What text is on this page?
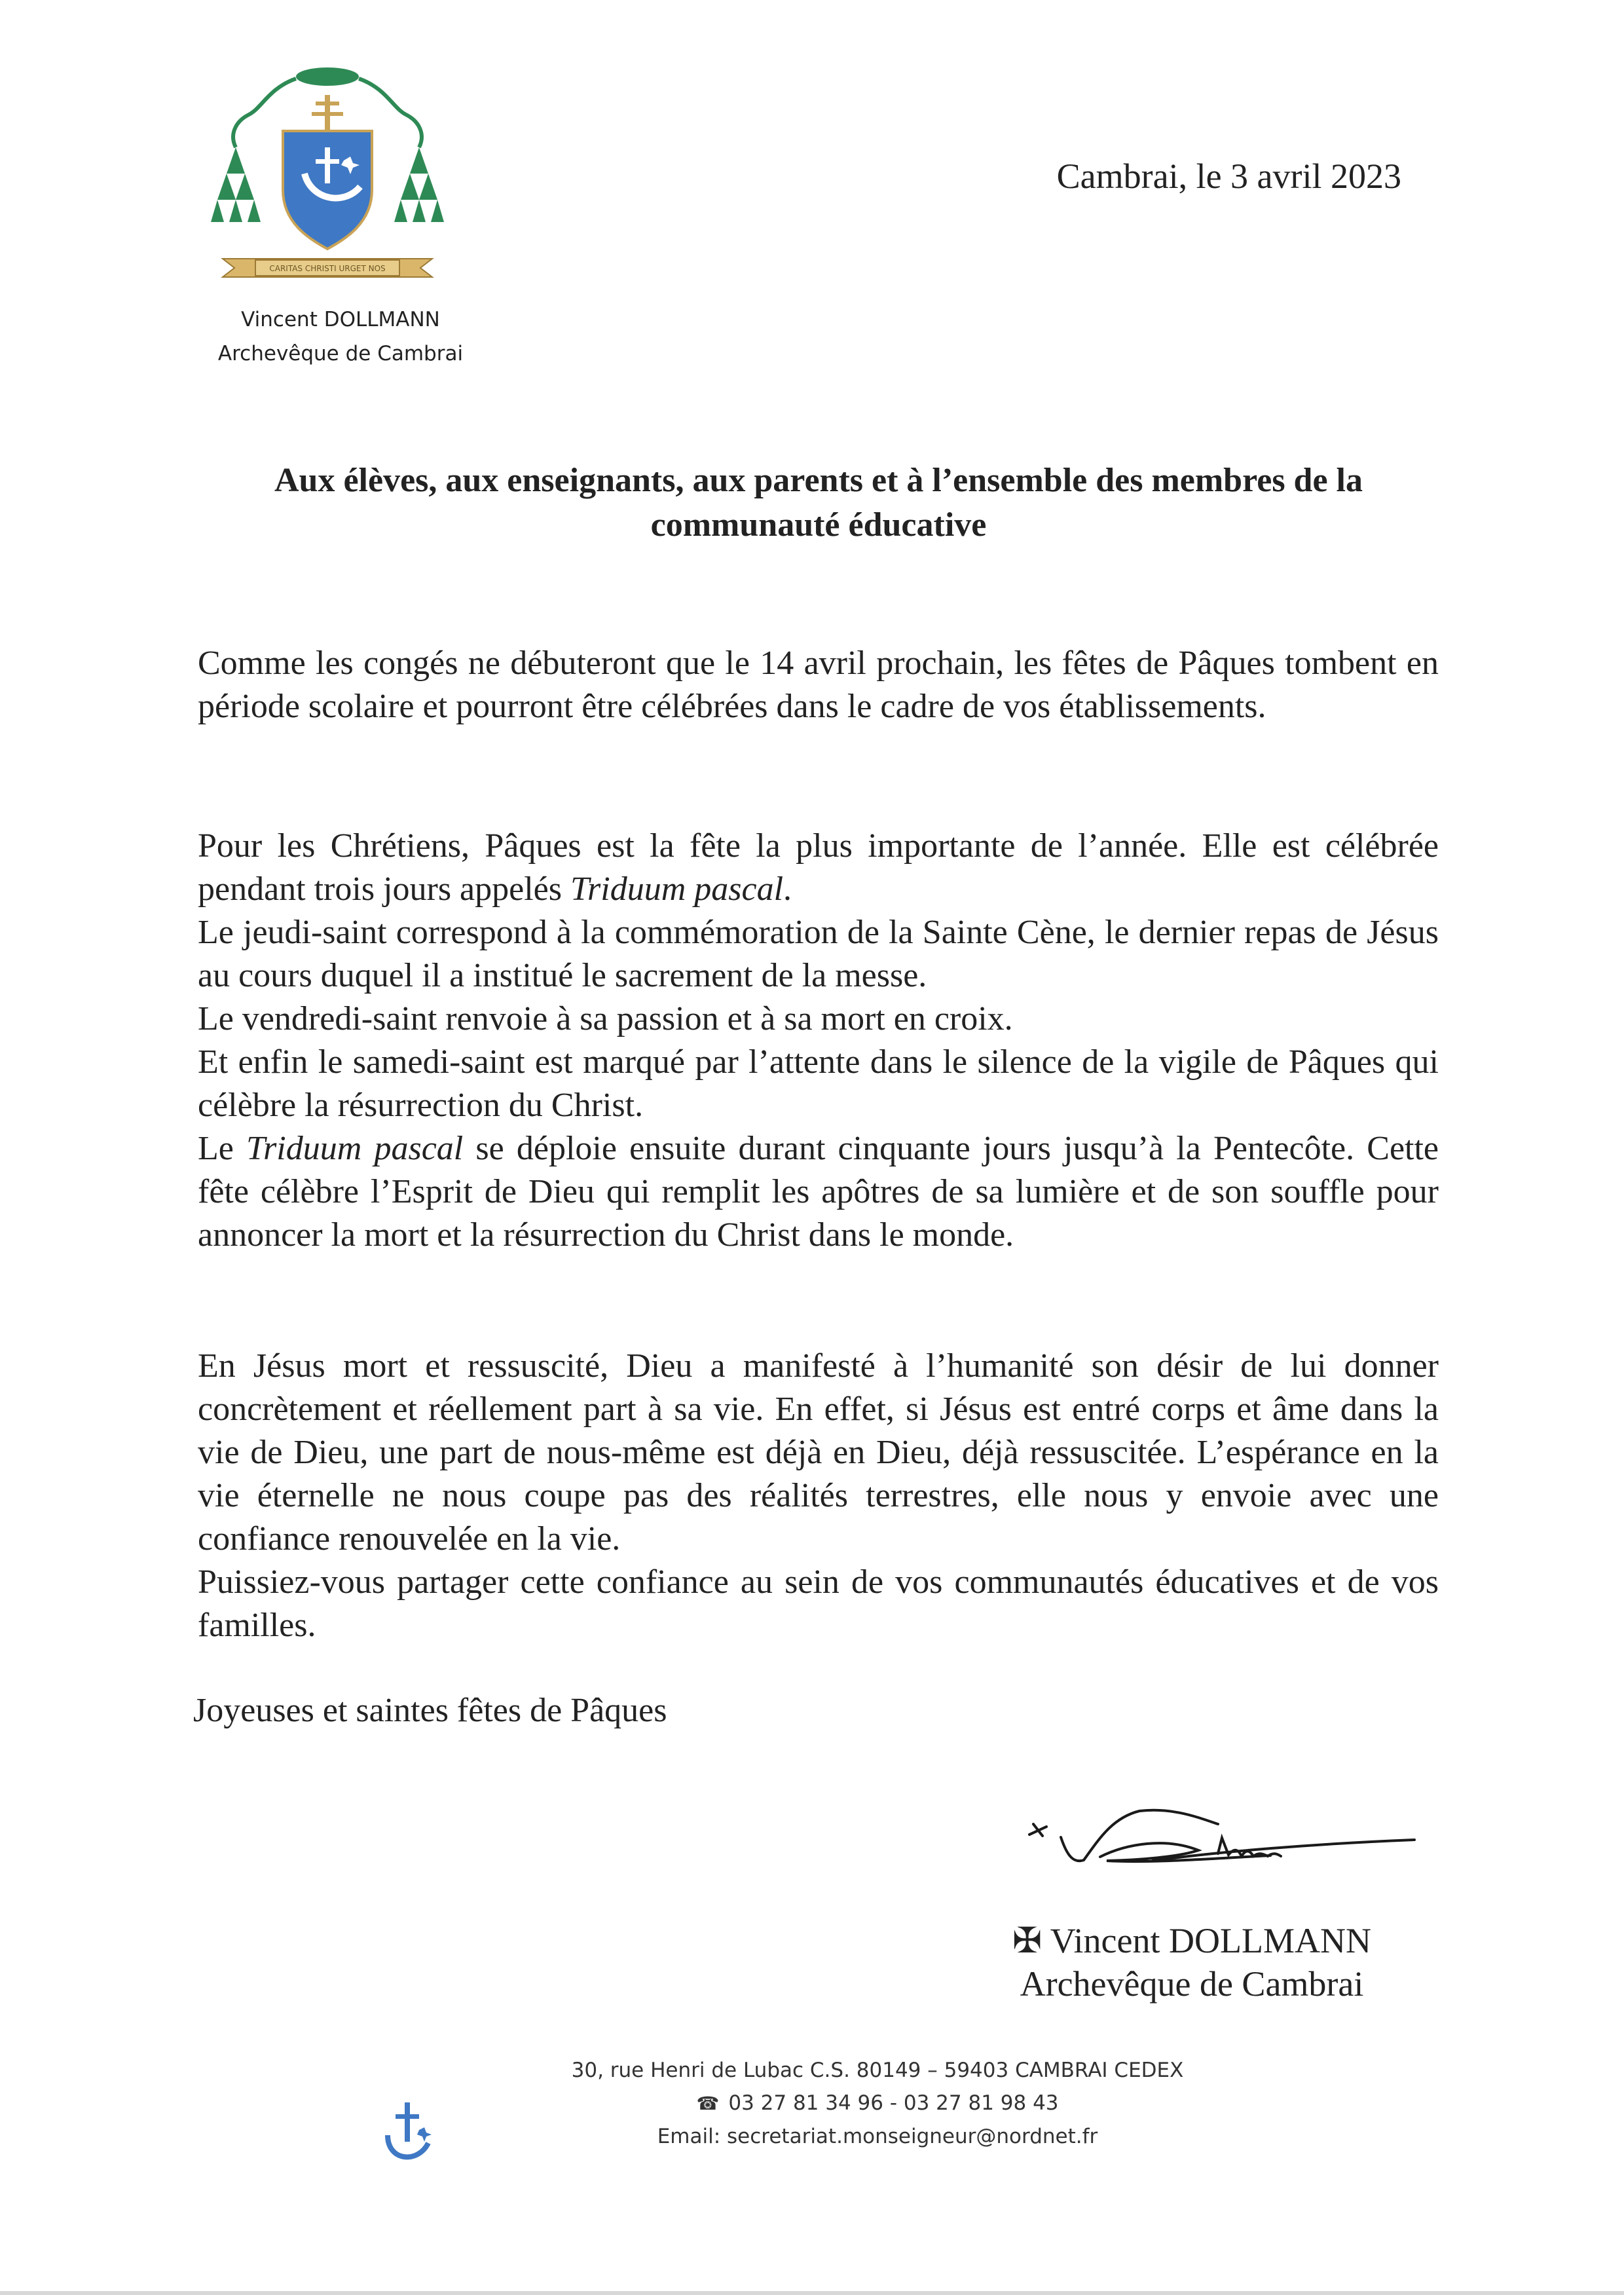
CARITAS CHRISTI URGET NOS
Vincent DOLLMANN
Archevêque de Cambrai
Cambrai, le 3 avril 2023
Aux élèves, aux enseignants, aux parents et à l’ensemble des membres de la
communauté éducative

Comme les congés ne débuteront que le 14 avril prochain, les fêtes de Pâques tombent en période scolaire et pourront être célébrées dans le cadre de vos établissements.

Pour les Chrétiens, Pâques est la fête la plus importante de l’année. Elle est célébrée pendant trois jours appelés Triduum pascal.
Le jeudi-saint correspond à la commémoration de la Sainte Cène, le dernier repas de Jésus au cours duquel il a institué le sacrement de la messe.
Le vendredi-saint renvoie à sa passion et à sa mort en croix.
Et enfin le samedi-saint est marqué par l’attente dans le silence de la vigile de Pâques qui célèbre la résurrection du Christ.
Le Triduum pascal se déploie ensuite durant cinquante jours jusqu’à la Pentecôte. Cette fête célèbre l’Esprit de Dieu qui remplit les apôtres de sa lumière et de son souffle pour annoncer la mort et la résurrection du Christ dans le monde.
En Jésus mort et ressuscité, Dieu a manifesté à l’humanité son désir de lui donner concrètement et réellement part à sa vie. En effet, si Jésus est entré corps et âme dans la vie de Dieu, une part de nous-même est déjà en Dieu, déjà ressuscitée. L’espérance en la vie éternelle ne nous coupe pas des réalités terrestres, elle nous y envoie avec une confiance renouvelée en la vie.
Puissiez-vous partager cette confiance au sein de vos communautés éducatives et de vos familles.
Joyeuses et saintes fêtes de Pâques
✠ Vincent DOLLMANN
Archevêque de Cambrai
30, rue Henri de Lubac C.S. 80149 – 59403 CAMBRAI CEDEX
☎ 03 27 81 34 96 - 03 27 81 98 43
Email: secretariat.monseigneur@nordnet.fr
